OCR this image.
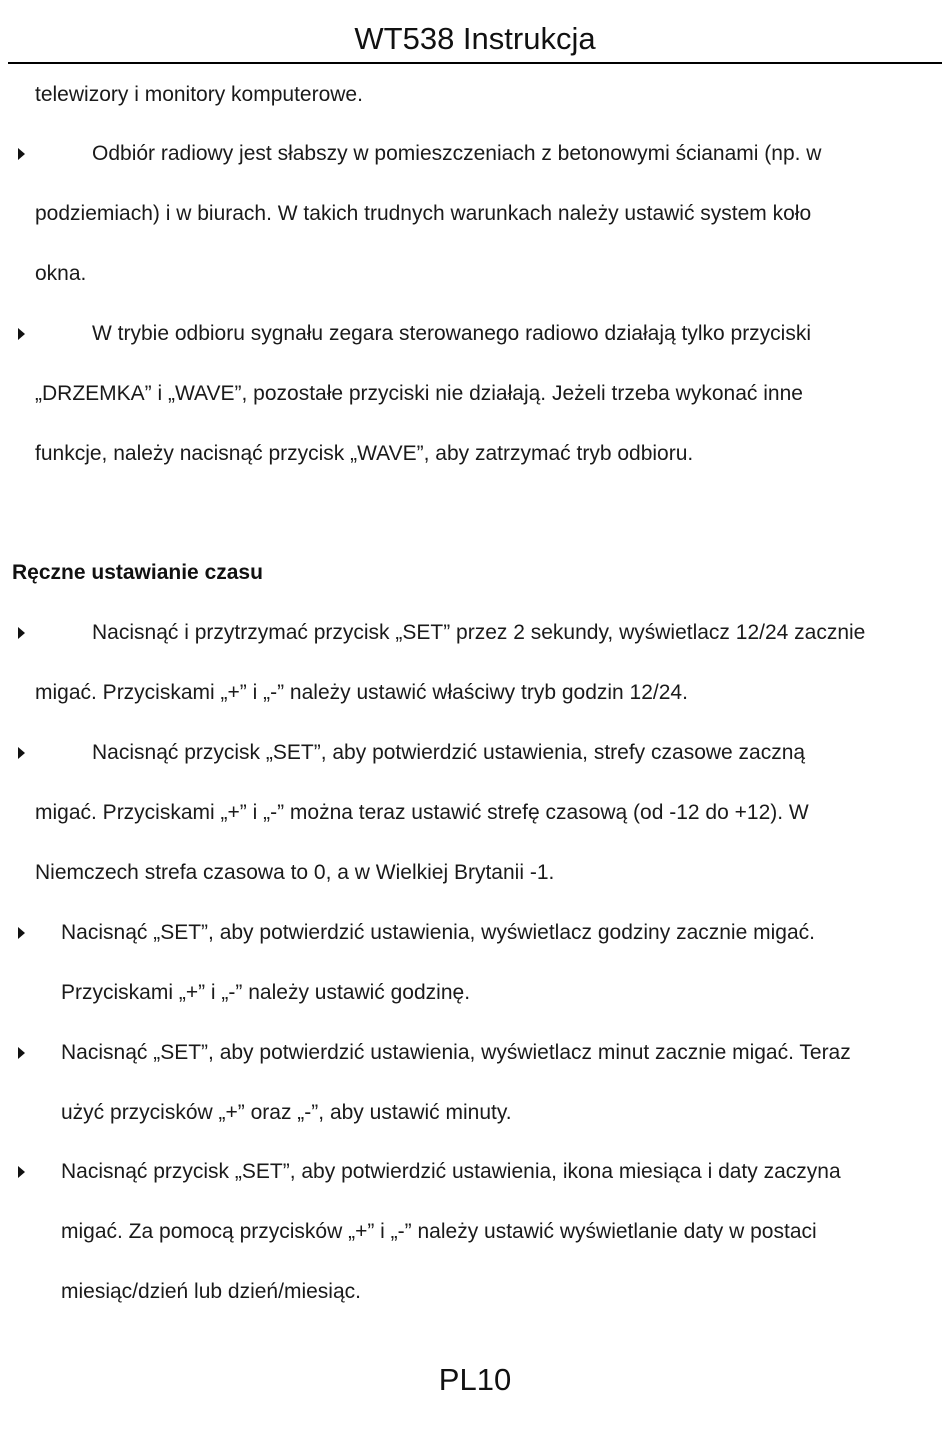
WT538 Instrukcja
telewizory i monitory komputerowe.
Odbiór radiowy jest słabszy w pomieszczeniach z betonowymi ścianami (np. w
podziemiach) i w biurach. W takich trudnych warunkach należy ustawić system koło
okna.
W trybie odbioru sygnału zegara sterowanego radiowo działają tylko przyciski
„DRZEMKA” i „WAVE”, pozostałe przyciski nie działają. Jeżeli trzeba wykonać inne
funkcje, należy nacisnąć przycisk „WAVE”, aby zatrzymać tryb odbioru.
Ręczne ustawianie czasu
Nacisnąć i przytrzymać przycisk „SET” przez 2 sekundy, wyświetlacz 12/24 zacznie
migać. Przyciskami „+” i „-” należy ustawić właściwy tryb godzin 12/24.
Nacisnąć przycisk „SET”, aby potwierdzić ustawienia, strefy czasowe zaczną
migać. Przyciskami „+” i „-” można teraz ustawić strefę czasową (od -12 do +12). W
Niemczech strefa czasowa to 0, a w Wielkiej Brytanii -1.
Nacisnąć „SET”, aby potwierdzić ustawienia, wyświetlacz godziny zacznie migać.
Przyciskami „+” i „-” należy ustawić godzinę.
Nacisnąć „SET”, aby potwierdzić ustawienia, wyświetlacz minut zacznie migać. Teraz
użyć przycisków „+” oraz „-”, aby ustawić minuty.
Nacisnąć przycisk „SET”, aby potwierdzić ustawienia, ikona miesiąca i daty zaczyna
migać. Za pomocą przycisków „+” i „-” należy ustawić wyświetlanie daty w postaci
miesiąc/dzień lub dzień/miesiąc.
PL10
